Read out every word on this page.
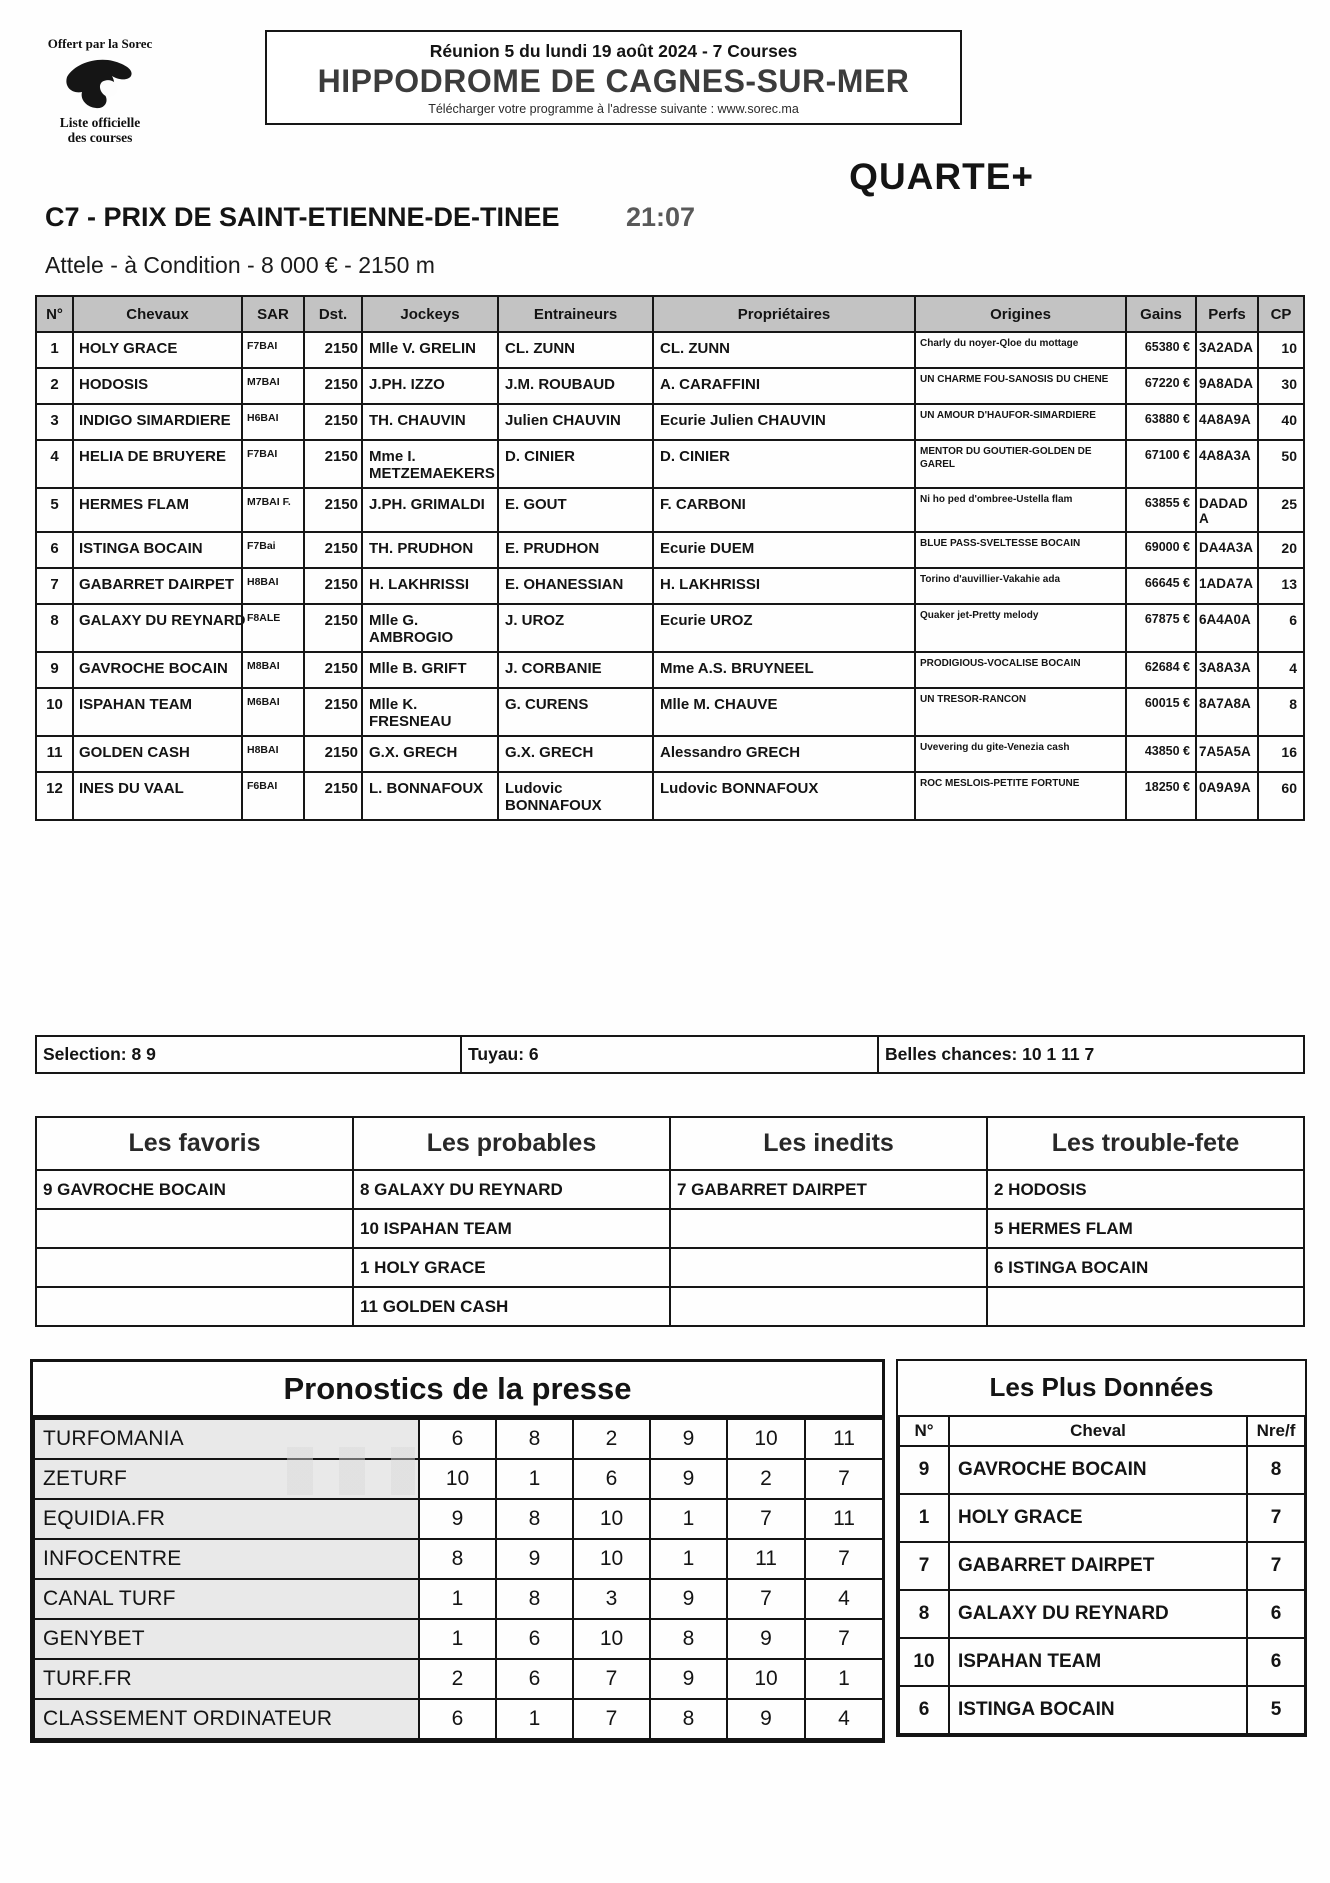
Offert par la Sorec
Liste officielle
des courses
Réunion 5 du lundi 19 août 2024 - 7 Courses
HIPPODROME DE CAGNES-SUR-MER
Télécharger votre programme à l'adresse suivante : www.sorec.ma
QUARTE+
C7 - PRIX DE SAINT-ETIENNE-DE-TINEE 21:07
Attele - à Condition - 8 000 € - 2150 m
N°	Chevaux	SAR	Dst.	Jockeys	Entraineurs	Propriétaires	Origines	Gains	Perfs	CP
1	HOLY GRACE	F7BAI	2150	Mlle V. GRELIN	CL. ZUNN	CL. ZUNN	Charly du noyer-Qloe du mottage	65380 €	3A2ADA	10
2	HODOSIS	M7BAI	2150	J.PH. IZZO	J.M. ROUBAUD	A. CARAFFINI	UN CHARME FOU-SANOSIS DU CHENE	67220 €	9A8ADA	30
3	INDIGO SIMARDIERE	H6BAI	2150	TH. CHAUVIN	Julien CHAUVIN	Ecurie Julien CHAUVIN	UN AMOUR D'HAUFOR-SIMARDIERE	63880 €	4A8A9A	40
4	HELIA DE BRUYERE	F7BAI	2150	Mme I. METZEMAEKERS	D. CINIER	D. CINIER	MENTOR DU GOUTIER-GOLDEN DE GAREL	67100 €	4A8A3A	50
5	HERMES FLAM	M7BAI F.	2150	J.PH. GRIMALDI	E. GOUT	F. CARBONI	Ni ho ped d'ombree-Ustella flam	63855 €	DADADA	25
6	ISTINGA BOCAIN	F7Bai	2150	TH. PRUDHON	E. PRUDHON	Ecurie DUEM	BLUE PASS-SVELTESSE BOCAIN	69000 €	DA4A3A	20
7	GABARRET DAIRPET	H8BAI	2150	H. LAKHRISSI	E. OHANESSIAN	H. LAKHRISSI	Torino d'auvillier-Vakahie ada	66645 €	1ADA7A	13
8	GALAXY DU REYNARD	F8ALE	2150	Mlle G. AMBROGIO	J. UROZ	Ecurie UROZ	Quaker jet-Pretty melody	67875 €	6A4A0A	6
9	GAVROCHE BOCAIN	M8BAI	2150	Mlle B. GRIFT	J. CORBANIE	Mme A.S. BRUYNEEL	PRODIGIOUS-VOCALISE BOCAIN	62684 €	3A8A3A	4
10	ISPAHAN TEAM	M6BAI	2150	Mlle K. FRESNEAU	G. CURENS	Mlle M. CHAUVE	UN TRESOR-RANCON	60015 €	8A7A8A	8
11	GOLDEN CASH	H8BAI	2150	G.X. GRECH	G.X. GRECH	Alessandro GRECH	Uvevering du gite-Venezia cash	43850 €	7A5A5A	16
12	INES DU VAAL	F6BAI	2150	L. BONNAFOUX	Ludovic BONNAFOUX	Ludovic BONNAFOUX	ROC MESLOIS-PETITE FORTUNE	18250 €	0A9A9A	60
Selection: 8 9	Tuyau: 6	Belles chances: 10 1 11 7
Les favoris	Les probables	Les inedits	Les trouble-fete
9 GAVROCHE BOCAIN	8 GALAXY DU REYNARD	7 GABARRET DAIRPET	2 HODOSIS
	10 ISPAHAN TEAM		5 HERMES FLAM
	1 HOLY GRACE		6 ISTINGA BOCAIN
	11 GOLDEN CASH		
Pronostics de la presse
TURFOMANIA	6	8	2	9	10	11
ZETURF	10	1	6	9	2	7
EQUIDIA.FR	9	8	10	1	7	11
INFOCENTRE	8	9	10	1	11	7
CANAL TURF	1	8	3	9	7	4
GENYBET	1	6	10	8	9	7
TURF.FR	2	6	7	9	10	1
CLASSEMENT ORDINATEUR	6	1	7	8	9	4
Les Plus Données
N°	Cheval	Nre/f
9	GAVROCHE BOCAIN	8
1	HOLY GRACE	7
7	GABARRET DAIRPET	7
8	GALAXY DU REYNARD	6
10	ISPAHAN TEAM	6
6	ISTINGA BOCAIN	5
